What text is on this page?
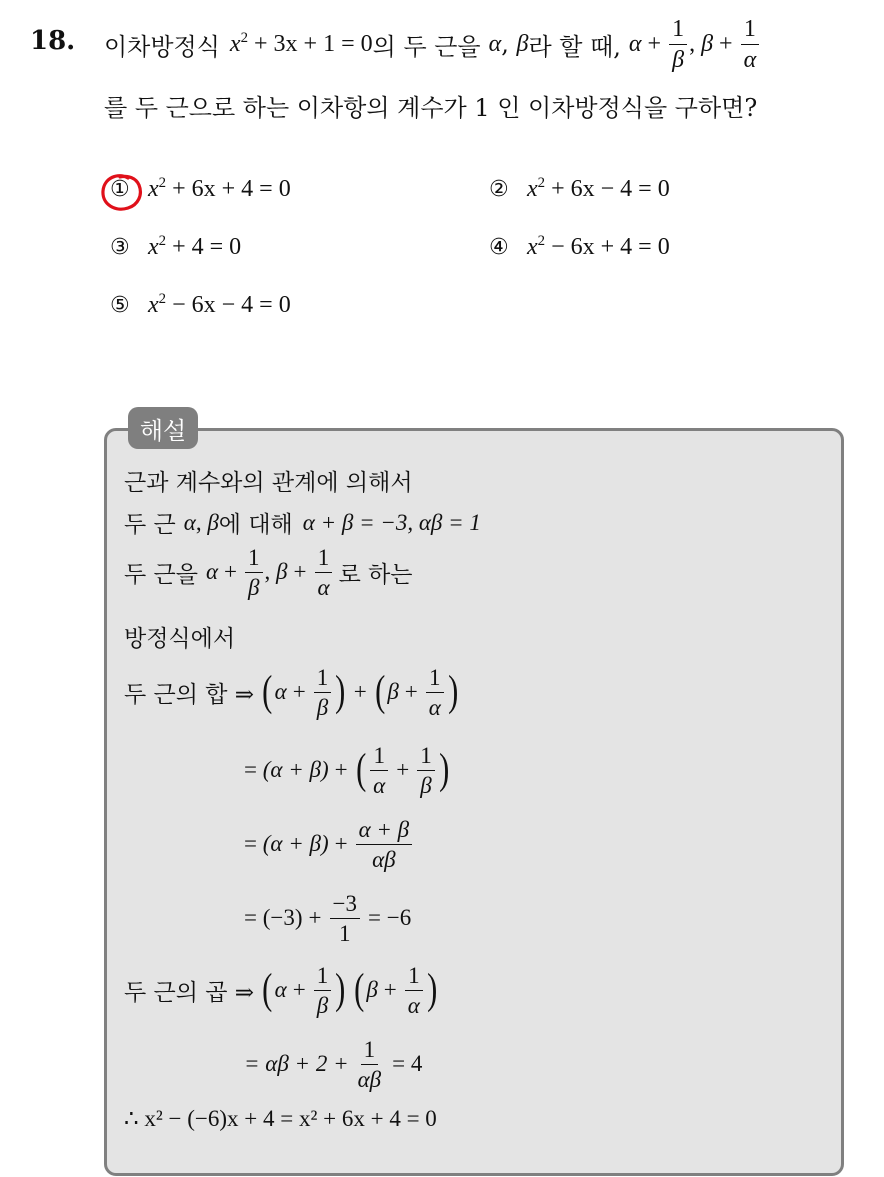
18. 이차방정식 $x^2 + 3x + 1 = 0$ 의 두 근을 α , β 라 할 때, $\alpha + \frac{1}{\beta}$ , $\beta + \frac{1}{\alpha}$
를 두 근으로 하는 이차항의 계수가 1 인 이차방정식을 구하면?
① $x^2 + 6x + 4 = 0$	② $x^2 + 6x - 4 = 0$
③ $x^2 + 4 = 0$	④ $x^2 - 6x + 4 = 0$
⑤ $x^2 - 6x - 4 = 0$
해설
근과 계수와의 관계에 의해서
두 근 α , β 에 대해 α + β = −3, αβ = 1
두 근을 $\alpha + \frac{1}{\beta}$ , $\beta + \frac{1}{\alpha}$ 로 하는
방정식에서
두 근의 합 ⇒ ( $\alpha + \frac{1}{\beta}$ ) + ( $\beta + \frac{1}{\alpha}$ )
= (α + β) + ( $\frac{1}{\alpha} + \frac{1}{\beta}$ )
= $(\alpha + \beta) + \frac{\alpha + \beta}{\alpha\beta}$
= $(-3) + \frac{-3}{1} = -6$
두 근의 곱 ⇒ ( $\alpha + \frac{1}{\beta}$ ) ( $\beta + \frac{1}{\alpha}$ )
= $\alpha\beta + 2 + \frac{1}{\alpha\beta} = 4$
∴ x² − (−6)x + 4 = x² + 6x + 4 = 0
